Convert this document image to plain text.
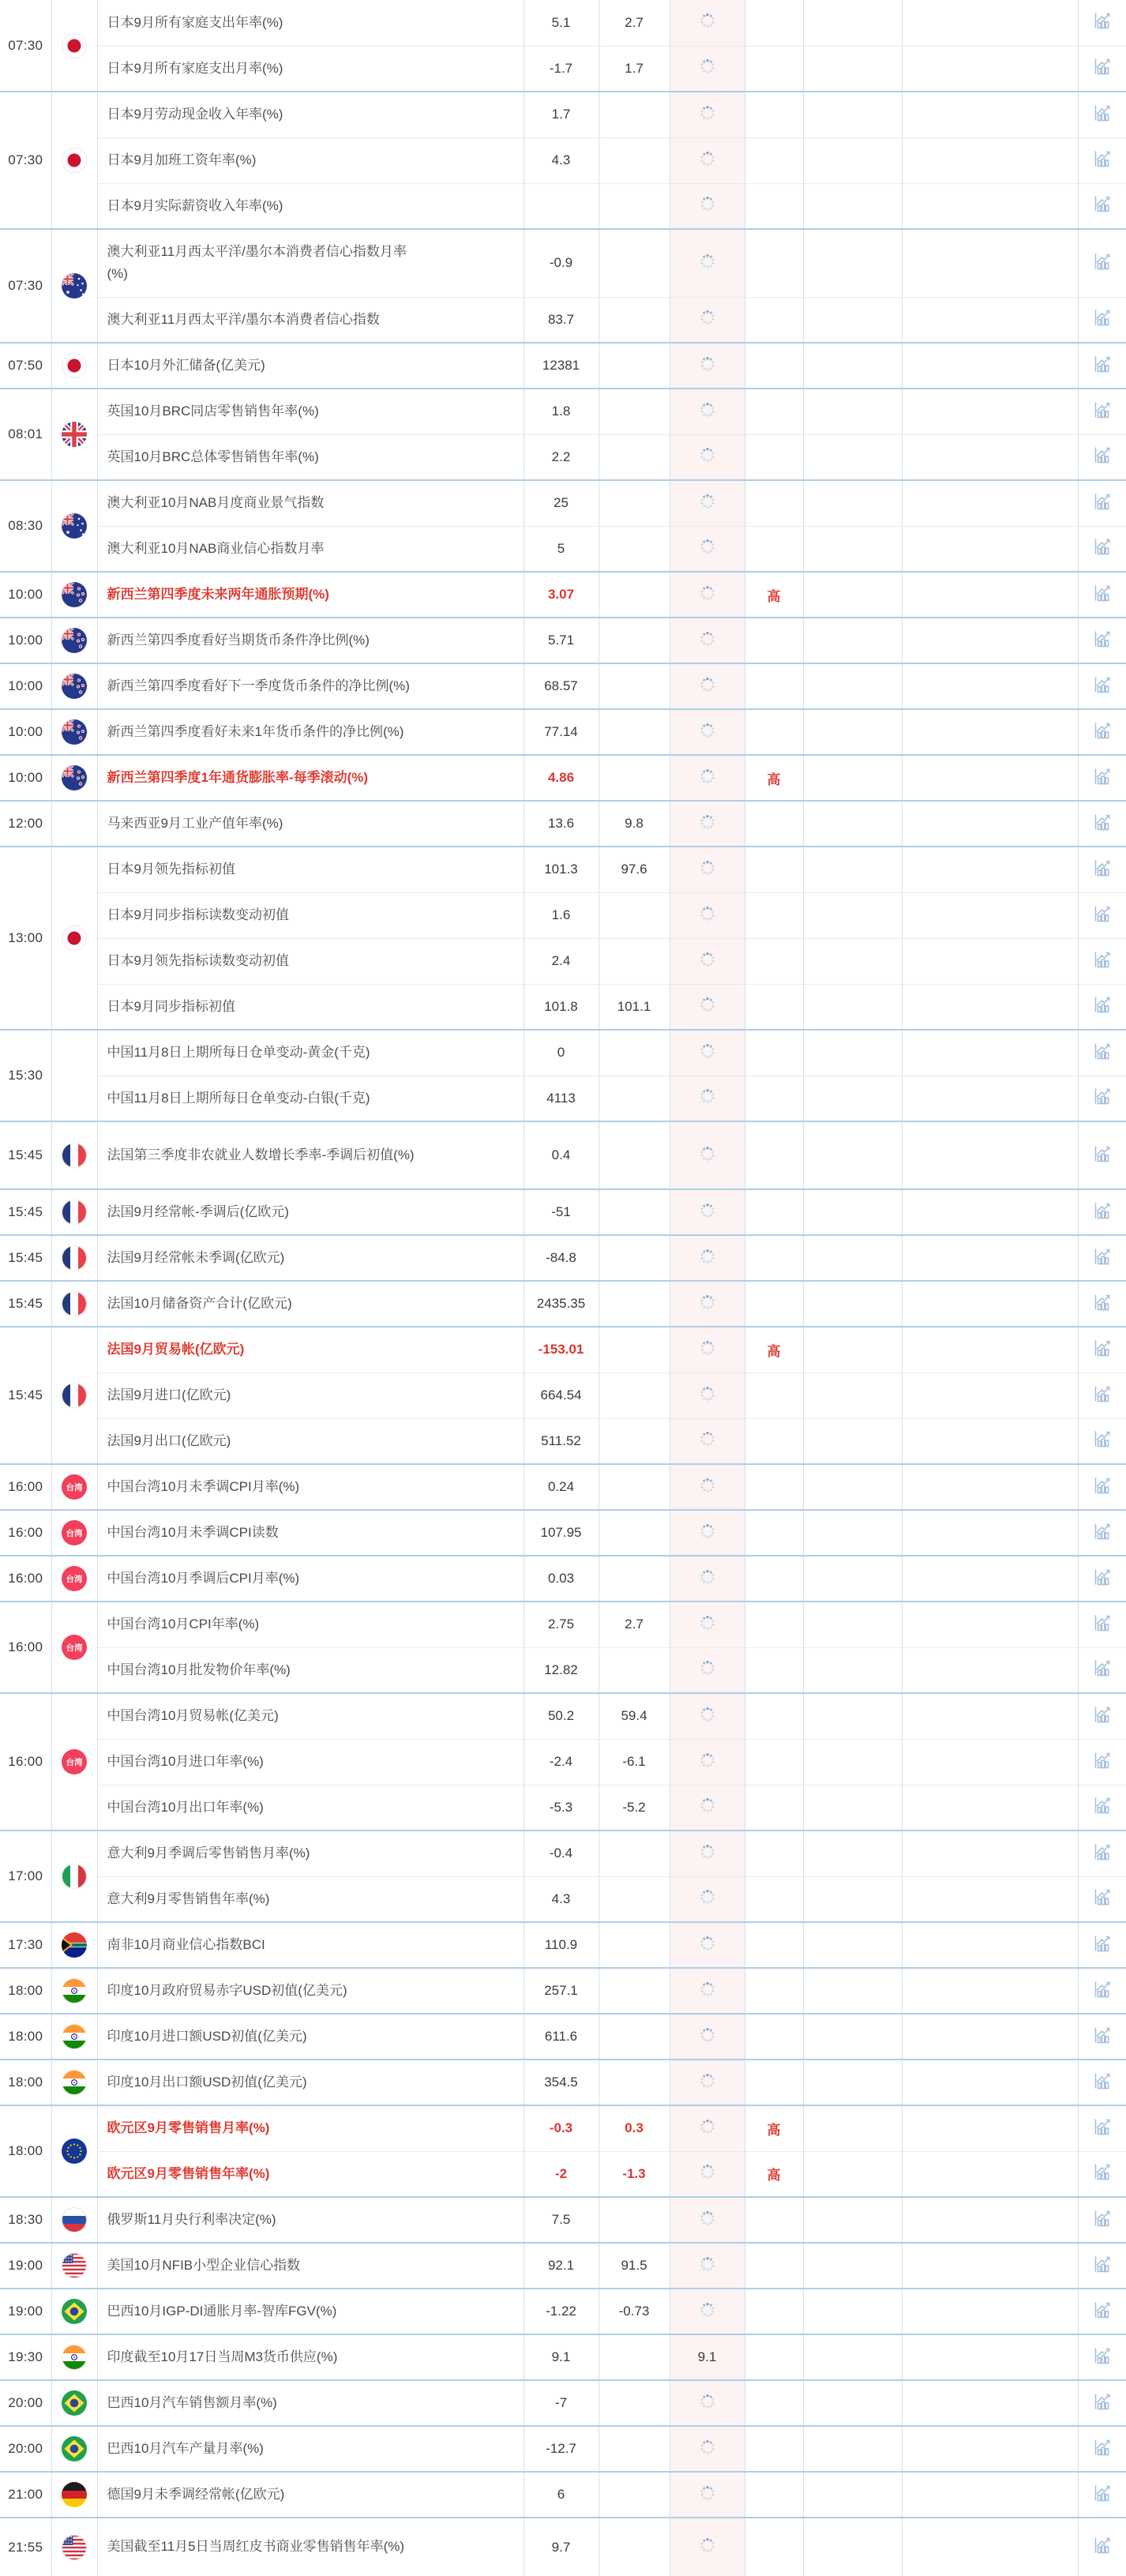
07:30		日本9月所有家庭支出年率(%)	5.1	2.7					
		日本9月所有家庭支出月率(%)	-1.7	1.7					
07:30		日本9月劳动现金收入年率(%)	1.7						
		日本9月加班工资年率(%)	4.3						
		日本9月实际薪资收入年率(%)							
07:30		澳大利亚11月西太平洋/墨尔本消费者信心指数月率(%)	-0.9						
		澳大利亚11月西太平洋/墨尔本消费者信心指数	83.7						
07:50		日本10月外汇储备(亿美元)	12381						
08:01		英国10月BRC同店零售销售年率(%)	1.8						
		英国10月BRC总体零售销售年率(%)	2.2						
08:30		澳大利亚10月NAB月度商业景气指数	25						
		澳大利亚10月NAB商业信心指数月率	5						
10:00		新西兰第四季度未来两年通胀预期(%)	3.07			高			
10:00		新西兰第四季度看好当期货币条件净比例(%)	5.71						
10:00		新西兰第四季度看好下一季度货币条件的净比例(%)	68.57						
10:00		新西兰第四季度看好未来1年货币条件的净比例(%)	77.14						
10:00		新西兰第四季度1年通货膨胀率-每季滚动(%)	4.86			高			
12:00		马来西亚9月工业产值年率(%)	13.6	9.8					
13:00		日本9月领先指标初值	101.3	97.6					
		日本9月同步指标读数变动初值	1.6						
		日本9月领先指标读数变动初值	2.4						
		日本9月同步指标初值	101.8	101.1					
15:30		中国11月8日上期所每日仓单变动-黄金(千克)	0						
		中国11月8日上期所每日仓单变动-白银(千克)	4113						
15:45		法国第三季度非农就业人数增长季率-季调后初值(%)	0.4						
15:45		法国9月经常帐-季调后(亿欧元)	-51						
15:45		法国9月经常帐未季调(亿欧元)	-84.8						
15:45		法国10月储备资产合计(亿欧元)	2435.35						
15:45		法国9月贸易帐(亿欧元)	-153.01			高			
		法国9月进口(亿欧元)	664.54						
		法国9月出口(亿欧元)	511.52						
16:00	台湾	中国台湾10月未季调CPI月率(%)	0.24						
16:00	台湾	中国台湾10月未季调CPI读数	107.95						
16:00	台湾	中国台湾10月季调后CPI月率(%)	0.03						
16:00	台湾	中国台湾10月CPI年率(%)	2.75	2.7					
		中国台湾10月批发物价年率(%)	12.82						
16:00	台湾	中国台湾10月贸易帐(亿美元)	50.2	59.4					
		中国台湾10月进口年率(%)	-2.4	-6.1					
		中国台湾10月出口年率(%)	-5.3	-5.2					
17:00		意大利9月季调后零售销售月率(%)	-0.4						
		意大利9月零售销售年率(%)	4.3						
17:30		南非10月商业信心指数BCI	110.9						
18:00		印度10月政府贸易赤字USD初值(亿美元)	257.1						
18:00		印度10月进口额USD初值(亿美元)	611.6						
18:00		印度10月出口额USD初值(亿美元)	354.5						
18:00		欧元区9月零售销售月率(%)	-0.3	0.3		高			
		欧元区9月零售销售年率(%)	-2	-1.3		高			
18:30		俄罗斯11月央行利率决定(%)	7.5						
19:00		美国10月NFIB小型企业信心指数	92.1	91.5					
19:00		巴西10月IGP-DI通胀月率-智库FGV(%)	-1.22	-0.73					
19:30		印度截至10月17日当周M3货币供应(%)	9.1		9.1				
20:00		巴西10月汽车销售额月率(%)	-7						
20:00		巴西10月汽车产量月率(%)	-12.7						
21:00		德国9月未季调经常帐(亿欧元)	6						
21:55		美国截至11月5日当周红皮书商业零售销售年率(%)	9.7						
